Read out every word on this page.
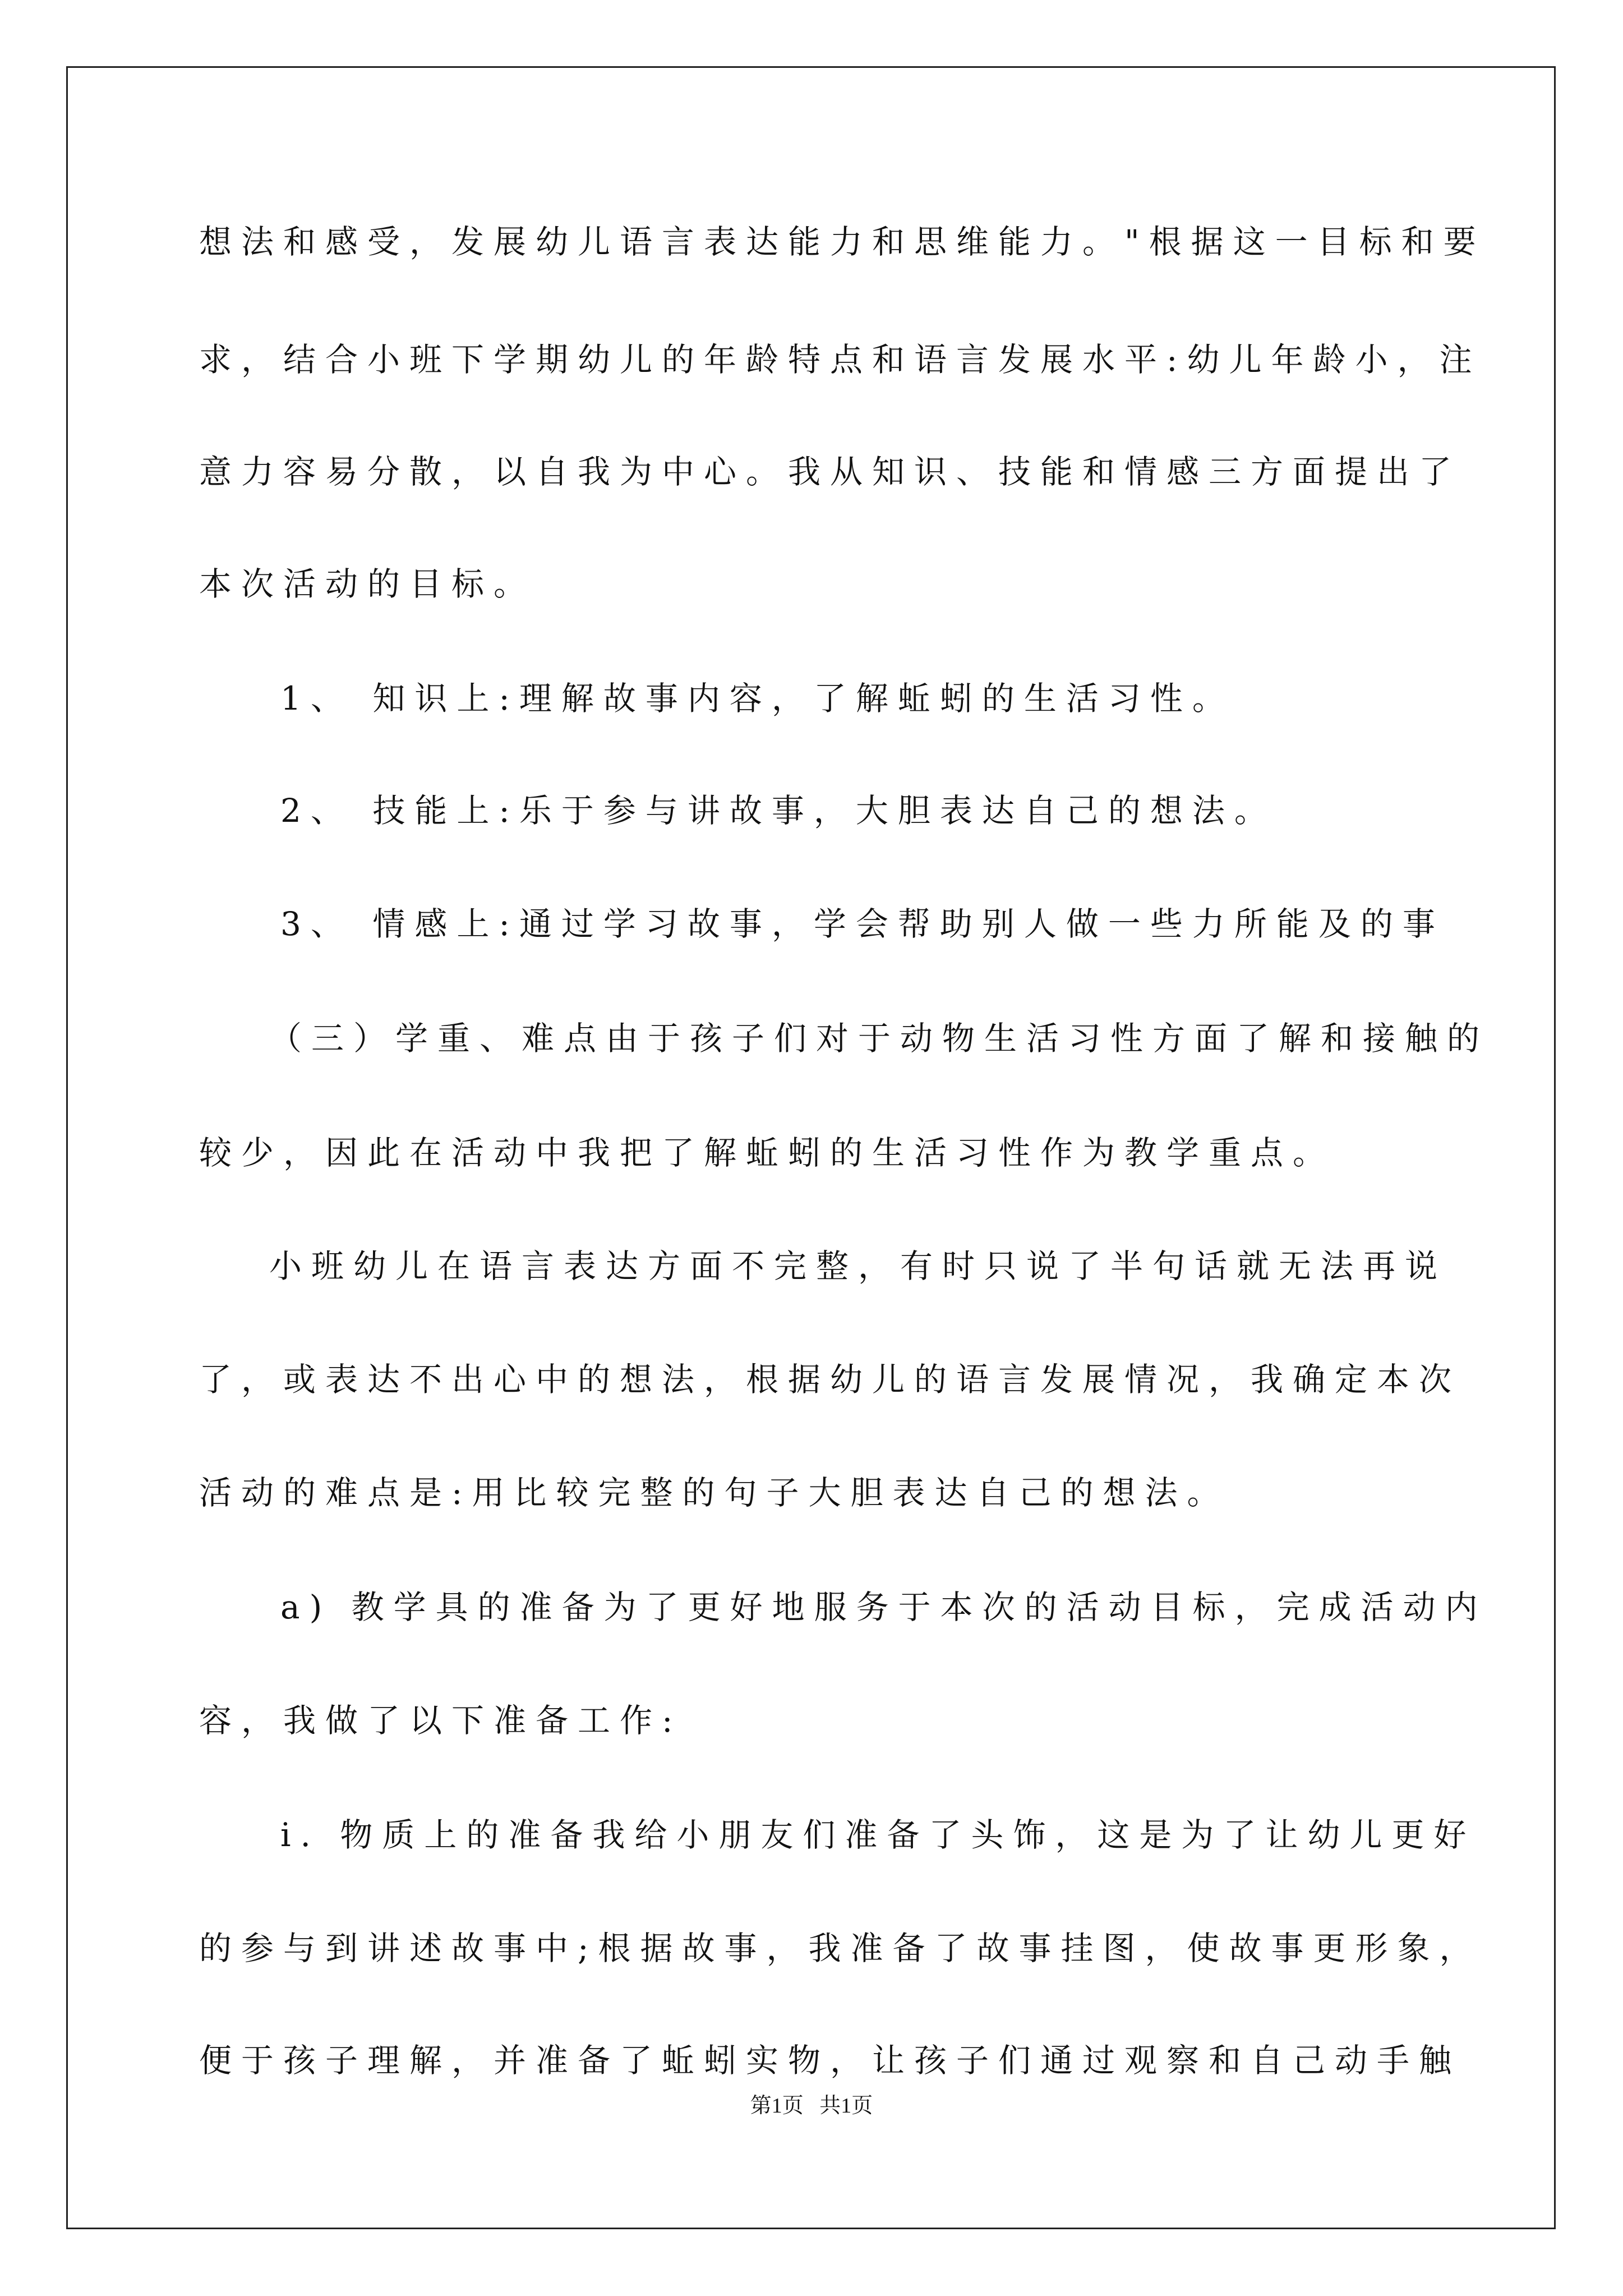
想法和感受，发展幼儿语言表达能力和思维能力。"根据这一目标和要

求，结合小班下学期幼儿的年龄特点和语言发展水平:幼儿年龄小，注

意力容易分散，以自我为中心。我从知识、技能和情感三方面提出了

本次活动的目标。

1、 知识上:理解故事内容，了解蚯蚓的生活习性。

2、 技能上:乐于参与讲故事，大胆表达自己的想法。

3、 情感上:通过学习故事，学会帮助别人做一些力所能及的事

（三）学重、难点由于孩子们对于动物生活习性方面了解和接触的

较少，因此在活动中我把了解蚯蚓的生活习性作为教学重点。

小班幼儿在语言表达方面不完整，有时只说了半句话就无法再说

了，或表达不出心中的想法，根据幼儿的语言发展情况，我确定本次

活动的难点是:用比较完整的句子大胆表达自己的想法。

a) 教学具的准备为了更好地服务于本次的活动目标，完成活动内

容，我做了以下准备工作:

i. 物质上的准备我给小朋友们准备了头饰，这是为了让幼儿更好

的参与到讲述故事中;根据故事，我准备了故事挂图，使故事更形象，

便于孩子理解，并准备了蚯蚓实物，让孩子们通过观察和自己动手触

第1页   共1页
